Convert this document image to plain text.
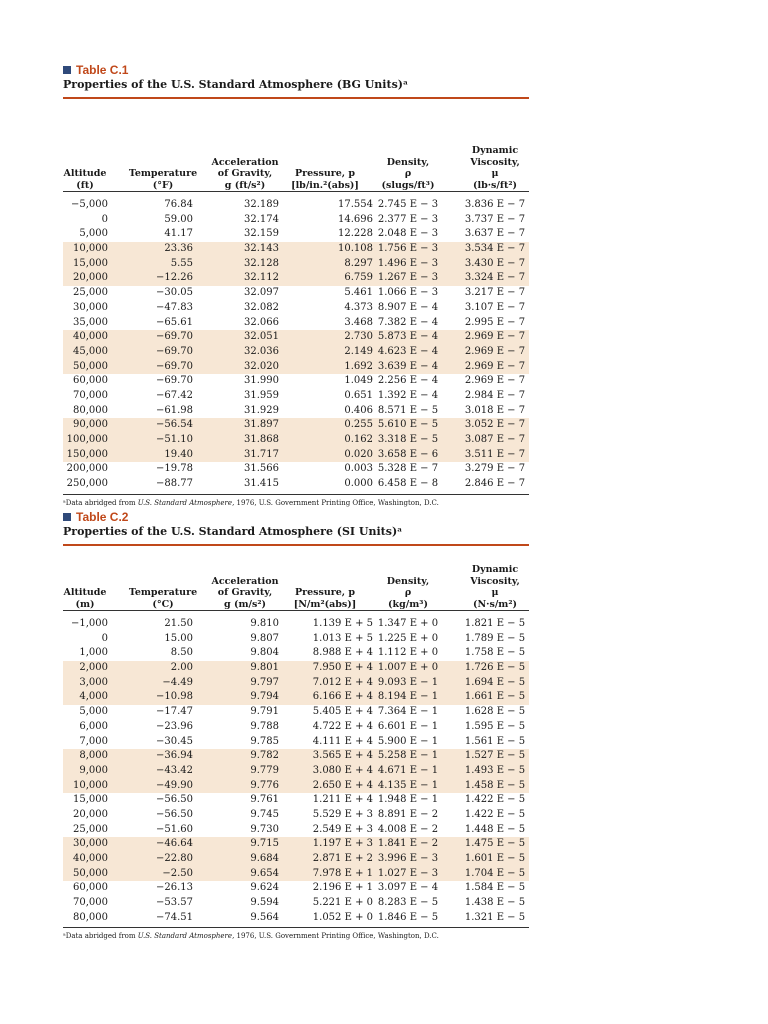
Table C.1
Properties of the U.S. Standard Atmosphere (BG Units)ᵃ
Altitude
(ft)
Temperature
(°F)
Acceleration
of Gravity,
g (ft/s²)
Pressure, p
[lb/in.²(abs)]
Density,
ρ
(slugs/ft³)
Dynamic
Viscosity,
μ
(lb·s/ft²)
−5,000	76.84	32.189	17.554 2.745 E − 3	3.836 E − 7
0	59.00	32.174	14.696 2.377 E − 3	3.737 E − 7
5,000	41.17	32.159	12.228 2.048 E − 3	3.637 E − 7
10,000	23.36	32.143	10.108 1.756 E − 3	3.534 E − 7
15,000	5.55	32.128	8.297 1.496 E − 3	3.430 E − 7
20,000	−12.26	32.112	6.759 1.267 E − 3	3.324 E − 7
25,000	−30.05	32.097	5.461 1.066 E − 3	3.217 E − 7
30,000	−47.83	32.082	4.373 8.907 E − 4	3.107 E − 7
35,000	−65.61	32.066	3.468 7.382 E − 4	2.995 E − 7
40,000	−69.70	32.051	2.730 5.873 E − 4	2.969 E − 7
45,000	−69.70	32.036	2.149 4.623 E − 4	2.969 E − 7
50,000	−69.70	32.020	1.692 3.639 E − 4	2.969 E − 7
60,000	−69.70	31.990	1.049 2.256 E − 4	2.969 E − 7
70,000	−67.42	31.959	0.651 1.392 E − 4	2.984 E − 7
80,000	−61.98	31.929	0.406 8.571 E − 5	3.018 E − 7
90,000	−56.54	31.897	0.255 5.610 E − 5	3.052 E − 7
100,000	−51.10	31.868	0.162 3.318 E − 5	3.087 E − 7
150,000	19.40	31.717	0.020 3.658 E − 6	3.511 E − 7
200,000	−19.78	31.566	0.003 5.328 E − 7	3.279 E − 7
250,000	−88.77	31.415	0.000 6.458 E − 8	2.846 E − 7
ᵃData abridged from U.S. Standard Atmosphere, 1976, U.S. Government Printing Office, Washington, D.C.
Table C.2
Properties of the U.S. Standard Atmosphere (SI Units)ᵃ
Altitude
(m)
Temperature
(°C)
Acceleration
of Gravity,
g (m/s²)
Pressure, p
[N/m²(abs)]
Density,
ρ
(kg/m³)
Dynamic
Viscosity,
μ
(N·s/m²)
−1,000	21.50	9.810	1.139 E + 5 1.347 E + 0	1.821 E − 5
0	15.00	9.807	1.013 E + 5 1.225 E + 0	1.789 E − 5
1,000	8.50	9.804	8.988 E + 4 1.112 E + 0	1.758 E − 5
2,000	2.00	9.801	7.950 E + 4 1.007 E + 0	1.726 E − 5
3,000	−4.49	9.797	7.012 E + 4 9.093 E − 1	1.694 E − 5
4,000	−10.98	9.794	6.166 E + 4 8.194 E − 1	1.661 E − 5
5,000	−17.47	9.791	5.405 E + 4 7.364 E − 1	1.628 E − 5
6,000	−23.96	9.788	4.722 E + 4 6.601 E − 1	1.595 E − 5
7,000	−30.45	9.785	4.111 E + 4 5.900 E − 1	1.561 E − 5
8,000	−36.94	9.782	3.565 E + 4 5.258 E − 1	1.527 E − 5
9,000	−43.42	9.779	3.080 E + 4 4.671 E − 1	1.493 E − 5
10,000	−49.90	9.776	2.650 E + 4 4.135 E − 1	1.458 E − 5
15,000	−56.50	9.761	1.211 E + 4 1.948 E − 1	1.422 E − 5
20,000	−56.50	9.745	5.529 E + 3 8.891 E − 2	1.422 E − 5
25,000	−51.60	9.730	2.549 E + 3 4.008 E − 2	1.448 E − 5
30,000	−46.64	9.715	1.197 E + 3 1.841 E − 2	1.475 E − 5
40,000	−22.80	9.684	2.871 E + 2 3.996 E − 3	1.601 E − 5
50,000	−2.50	9.654	7.978 E + 1 1.027 E − 3	1.704 E − 5
60,000	−26.13	9.624	2.196 E + 1 3.097 E − 4	1.584 E − 5
70,000	−53.57	9.594	5.221 E + 0 8.283 E − 5	1.438 E − 5
80,000	−74.51	9.564	1.052 E + 0 1.846 E − 5	1.321 E − 5
ᵃData abridged from U.S. Standard Atmosphere, 1976, U.S. Government Printing Office, Washington, D.C.
